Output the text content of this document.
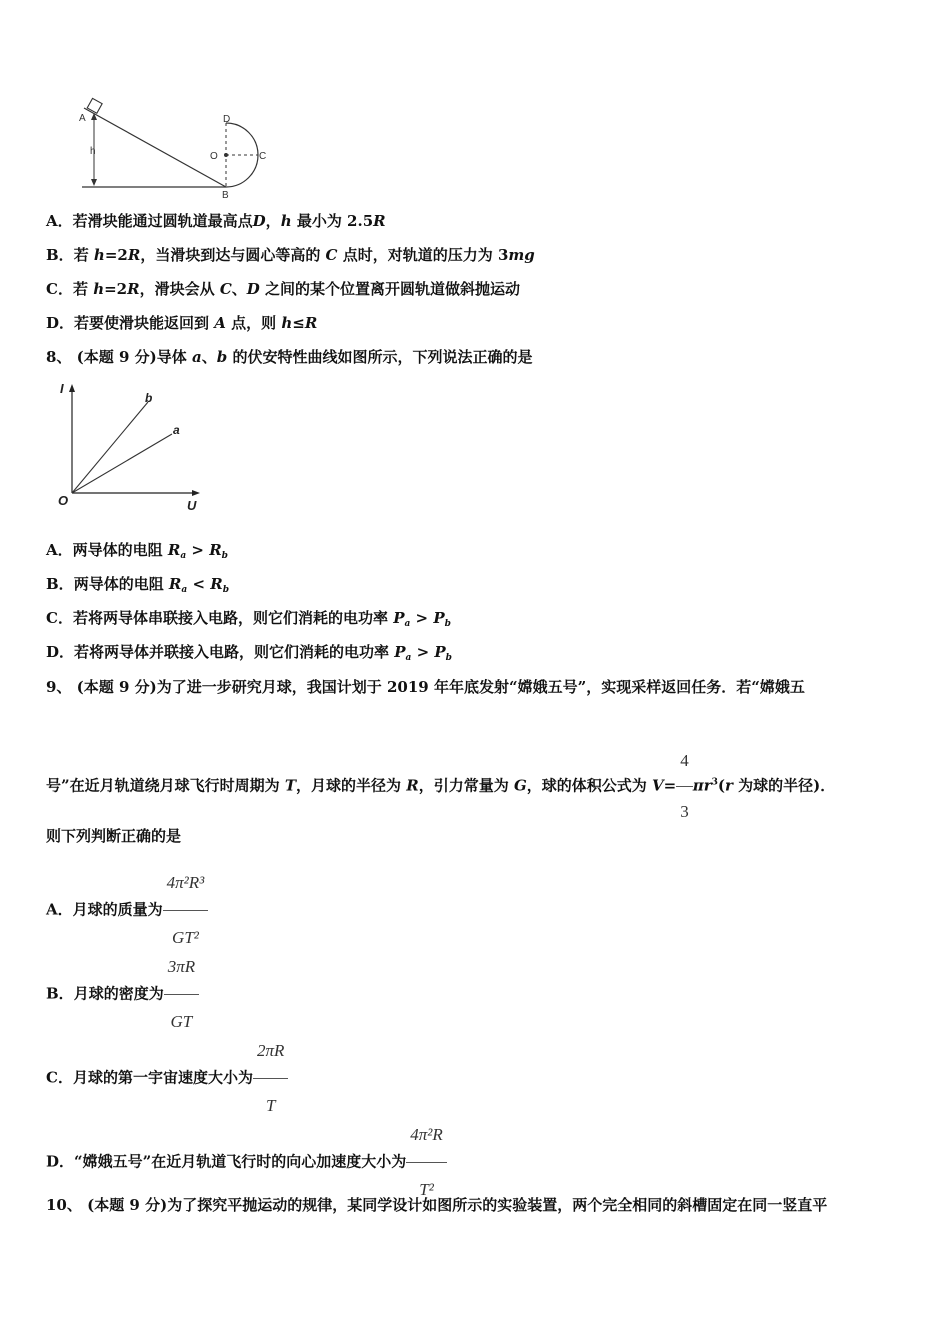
A
h
D
O	C
B
A．若滑块能通过圆轨道最高点D，h 最小为 2.5R
B．若 h=2R，当滑块到达与圆心等高的 C 点时，对轨道的压力为 3mg
C．若 h=2R，滑块会从 C、D 之间的某个位置离开圆轨道做斜抛运动
D．若要使滑块能返回到 A 点，则 h≤R
8、 (本题 9 分)导体 a、b 的伏安特性曲线如图所示，下列说法正确的是
I
U
O
b
a
A．两导体的电阻 $R_a > R_b$
B．两导体的电阻 $R_a < R_b$
C．若将两导体串联接入电路，则它们消耗的电功率 $P_a > P_b$
D．若将两导体并联接入电路，则它们消耗的电功率 $P_a > P_b$
9、 (本题 9 分)为了进一步研究月球，我国计划于 2019 年年底发射“嫦娥五号”，实现采样返回任务．若“嫦娥五
号”在近月轨道绕月球飞行时周期为 T，月球的半径为 R，引力常量为 G，球的体积公式为 $V= \frac{4}{3} \pi r^3(r$ 为球的半径)．
则下列判断正确的是
A．月球的质量为 $\frac{\text{4π²R³}}{\text{GT²}}$
B．月球的密度为 $\frac{3\pi R}{GT}$
C．月球的第一宇宙速度大小为 $\frac{2\pi R}{T}$
D．“嫦娥五号”在近月轨道飞行时的向心加速度大小为 $\frac{\text{4π²R}}{\text{T²}}$
10、 (本题 9 分)为了探究平抛运动的规律，某同学设计如图所示的实验装置，两个完全相同的斜槽固定在同一竖直平
